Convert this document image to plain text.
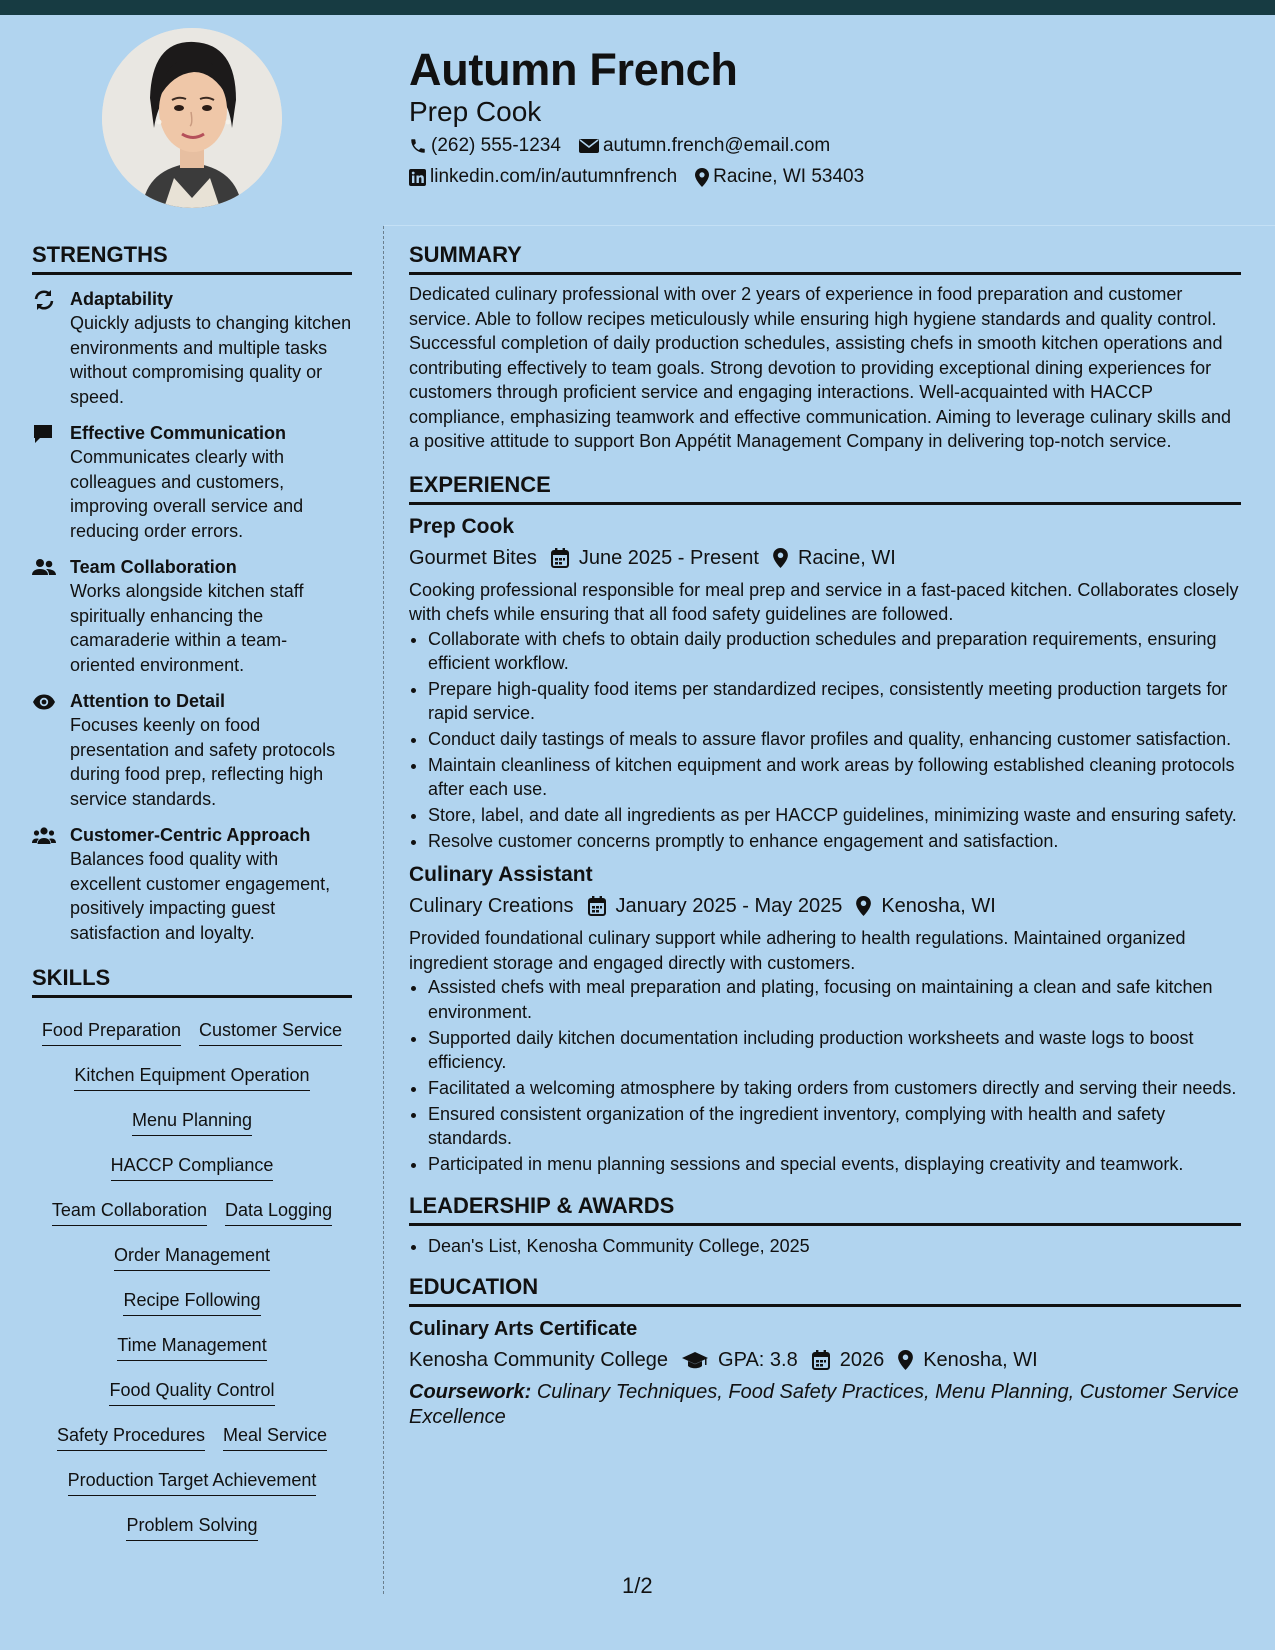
Autumn French
Prep Cook
(262) 555-1234 autumn.french@email.com
linkedin.com/in/autumnfrench Racine, WI 53403
STRENGTHS
Adaptability
Quickly adjusts to changing kitchen environments and multiple tasks without compromising quality or speed.
Effective Communication
Communicates clearly with colleagues and customers, improving overall service and reducing order errors.
Team Collaboration
Works alongside kitchen staff spiritually enhancing the camaraderie within a team-oriented environment.
Attention to Detail
Focuses keenly on food presentation and safety protocols during food prep, reflecting high service standards.
Customer-Centric Approach
Balances food quality with excellent customer engagement, positively impacting guest satisfaction and loyalty.
SKILLS
Food Preparation Customer Service
Kitchen Equipment Operation
Menu Planning
HACCP Compliance
Team Collaboration Data Logging
Order Management
Recipe Following
Time Management
Food Quality Control
Safety Procedures Meal Service
Production Target Achievement
Problem Solving
SUMMARY
Dedicated culinary professional with over 2 years of experience in food preparation and customer service. Able to follow recipes meticulously while ensuring high hygiene standards and quality control. Successful completion of daily production schedules, assisting chefs in smooth kitchen operations and contributing effectively to team goals. Strong devotion to providing exceptional dining experiences for customers through proficient service and engaging interactions. Well-acquainted with HACCP compliance, emphasizing teamwork and effective communication. Aiming to leverage culinary skills and a positive attitude to support Bon Appétit Management Company in delivering top-notch service.
EXPERIENCE
Prep Cook
Gourmet Bites June 2025 - Present Racine, WI
Cooking professional responsible for meal prep and service in a fast-paced kitchen. Collaborates closely with chefs while ensuring that all food safety guidelines are followed.
• Collaborate with chefs to obtain daily production schedules and preparation requirements, ensuring efficient workflow.
• Prepare high-quality food items per standardized recipes, consistently meeting production targets for rapid service.
• Conduct daily tastings of meals to assure flavor profiles and quality, enhancing customer satisfaction.
• Maintain cleanliness of kitchen equipment and work areas by following established cleaning protocols after each use.
• Store, label, and date all ingredients as per HACCP guidelines, minimizing waste and ensuring safety.
• Resolve customer concerns promptly to enhance engagement and satisfaction.
Culinary Assistant
Culinary Creations January 2025 - May 2025 Kenosha, WI
Provided foundational culinary support while adhering to health regulations. Maintained organized ingredient storage and engaged directly with customers.
• Assisted chefs with meal preparation and plating, focusing on maintaining a clean and safe kitchen environment.
• Supported daily kitchen documentation including production worksheets and waste logs to boost efficiency.
• Facilitated a welcoming atmosphere by taking orders from customers directly and serving their needs.
• Ensured consistent organization of the ingredient inventory, complying with health and safety standards.
• Participated in menu planning sessions and special events, displaying creativity and teamwork.
LEADERSHIP & AWARDS
• Dean's List, Kenosha Community College, 2025
EDUCATION
Culinary Arts Certificate
Kenosha Community College	GPA: 3.8 2026 Kenosha, WI
Coursework: Culinary Techniques, Food Safety Practices, Menu Planning, Customer Service Excellence
1/2
